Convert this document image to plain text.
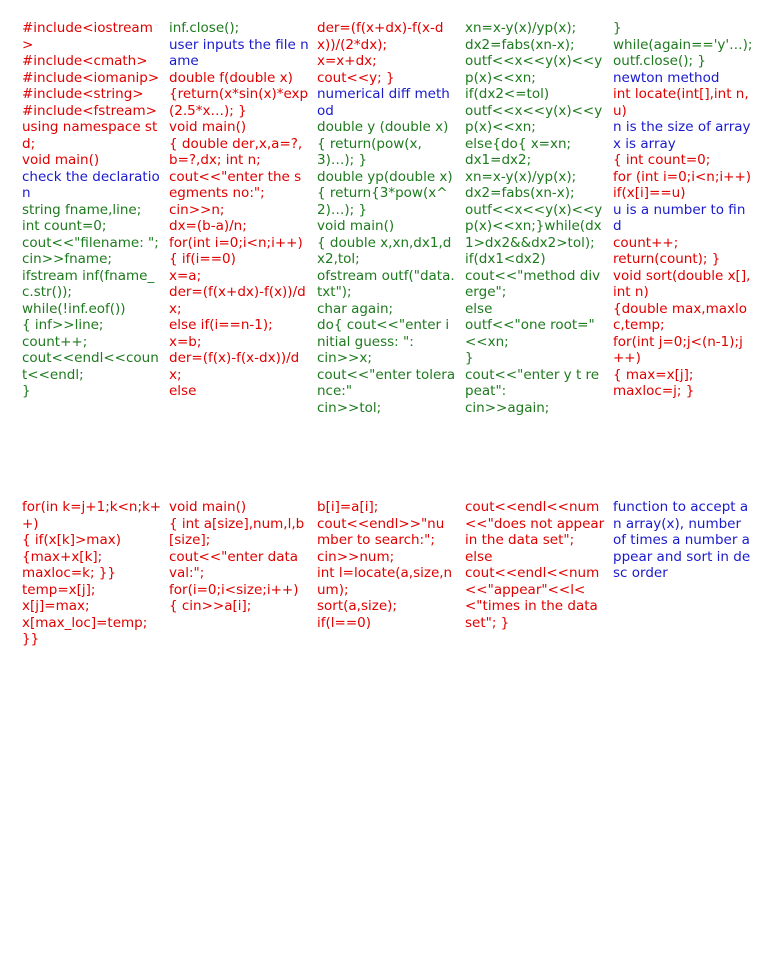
#include<iostream>
#include<cmath>
#include<iomanip>
#include<string>
#include<fstream>
using namespace std;
void main()
check the declaration
string fname,line;
int count=0;
cout<<"filename: ";
cin>>fname;
ifstream inf(fname_c.str());
while(!inf.eof())
{ inf>>line;
count++;
cout<<endl<<count<<endl;
}
inf.close();
user inputs the file name
double f(double x)
{return(x*sin(x)*exp(2.5*x…); }
void main()
{ double der,x,a=?,b=?,dx; int n;
cout<<"enter the segments no:";
cin>>n;
dx=(b-a)/n;
for(int i=0;i<n;i++)
{ if(i==0)
x=a;
der=(f(x+dx)-f(x))/dx;
else if(i==n-1);
x=b;
der=(f(x)-f(x-dx))/dx;
else
der=(f(x+dx)-f(x-dx))/(2*dx);
x=x+dx;
cout<<y; }
numerical diff method
double y (double x)
{ return(pow(x,3)…); }
double yp(double x)
{ return{3*pow(x^2)…); }
void main()
{ double x,xn,dx1,dx2,tol;
ofstream outf("data.txt");
char again;
do{ cout<<"enter initial guess: ":
cin>>x;
cout<<"enter tolerance:"
cin>>tol;
xn=x-y(x)/yp(x);
dx2=fabs(xn-x);
outf<<x<<y(x)<<yp(x)<<xn;
if(dx2<=tol)
outf<<x<<y(x)<<yp(x)<<xn;
else{do{ x=xn;
dx1=dx2;
xn=x-y(x)/yp(x);
dx2=fabs(xn-x);
outf<<x<<y(x)<<yp(x)<<xn;}while(dx1>dx2&&dx2>tol);
if(dx1<dx2)
cout<<"method diverge";
else
outf<<"one root="<<xn;
}
cout<<"enter y t repeat":
cin>>again;
}
while(again=='y'…);
outf.close(); }
newton method
int locate(int[],int n,u)
n is the size of array
x is array
{ int count=0;
for (int i=0;i<n;i++)
if(x[i]==u)
u is a number to find
count++;
return(count); }
void sort(double x[], int n)
{double max,maxloc,temp;
for(int j=0;j<(n-1);j++)
{ max=x[j];
maxloc=j; }
for(in k=j+1;k<n;k++)
{ if(x[k]>max)
{max+x[k];
maxloc=k; }}
temp=x[j];
x[j]=max;
x[max_loc]=temp;
}}
void main()
{ int a[size],num,l,b[size];
cout<<"enter data val:";
for(i=0;i<size;i++)
{ cin>>a[i];
b[i]=a[i];
cout<<endl>>"number to search:";
cin>>num;
int l=locate(a,size,num);
sort(a,size);
if(l==0)
cout<<endl<<num<<"does not appear in the data set";
else
cout<<endl<<num<<"appear"<<l<<"times in the data set"; }
function to accept an array(x), number of times a number a ppear and sort in desc order
